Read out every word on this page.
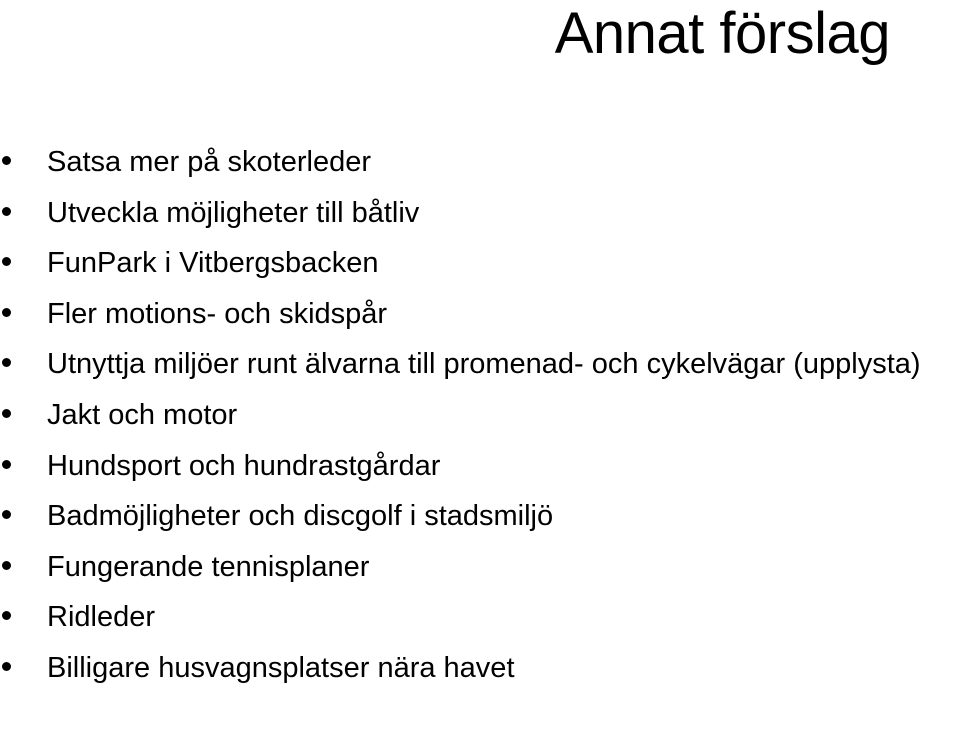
Annat förslag
Satsa mer på skoterleder
Utveckla möjligheter till båtliv
FunPark i Vitbergsbacken
Fler motions- och skidspår
Utnyttja miljöer runt älvarna till promenad- och cykelvägar (upplysta)
Jakt och motor
Hundsport och hundrastgårdar
Badmöjligheter och discgolf i stadsmiljö
Fungerande tennisplaner
Ridleder
Billigare husvagnsplatser nära havet
